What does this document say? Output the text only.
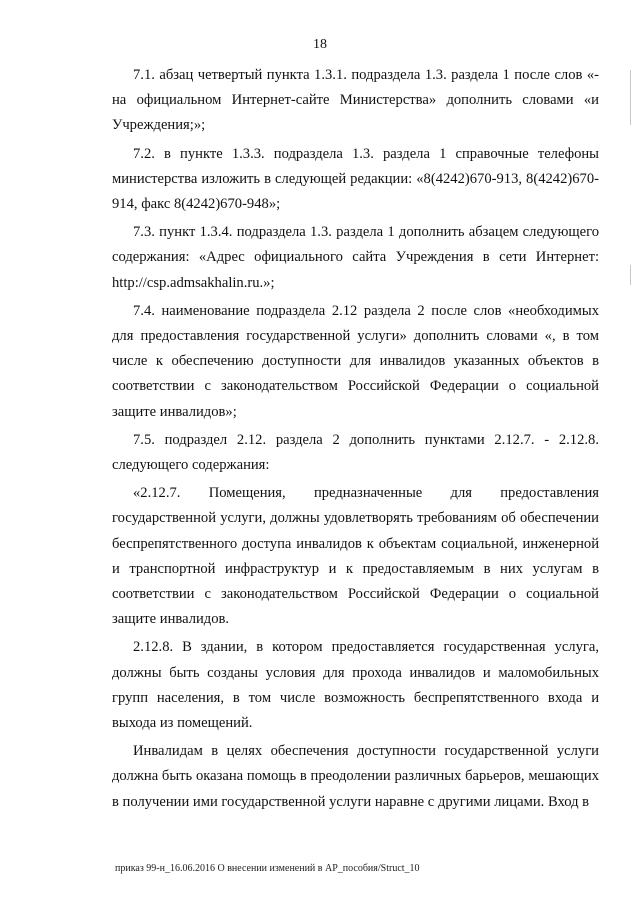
18

7.1. абзац четвертый пункта 1.3.1. подраздела 1.3. раздела 1 после слов «- на официальном Интернет-сайте Министерства» дополнить словами «и Учреждения;»;

7.2. в пункте 1.3.3. подраздела 1.3. раздела 1 справочные телефоны министерства изложить в следующей редакции: «8(4242)670-913, 8(4242)670-914, факс 8(4242)670-948»;

7.3. пункт 1.3.4. подраздела 1.3. раздела 1 дополнить абзацем следующего содержания: «Адрес официального сайта Учреждения в сети Интернет: http://csp.admsakhalin.ru.»;

7.4. наименование подраздела 2.12 раздела 2 после слов «необходимых для предоставления государственной услуги» дополнить словами «, в том числе к обеспечению доступности для инвалидов указанных объектов в соответствии с законодательством Российской Федерации о социальной защите инвалидов»;

7.5. подраздел 2.12. раздела 2 дополнить пунктами 2.12.7. - 2.12.8. следующего содержания:

«2.12.7. Помещения, предназначенные для предоставления государственной услуги, должны удовлетворять требованиям об обеспечении беспрепятственного доступа инвалидов к объектам социальной, инженерной и транспортной инфраструктур и к предоставляемым в них услугам в соответствии с законодательством Российской Федерации о социальной защите инвалидов.

2.12.8. В здании, в котором предоставляется государственная услуга, должны быть созданы условия для прохода инвалидов и маломобильных групп населения, в том числе возможность беспрепятственного входа и выхода из помещений.

Инвалидам в целях обеспечения доступности государственной услуги должна быть оказана помощь в преодолении различных барьеров, мешающих в получении ими государственной услуги наравне с другими лицами. Вход в

приказ 99-н_16.06.2016 О внесении изменений в АР_пособия/Struct_10
